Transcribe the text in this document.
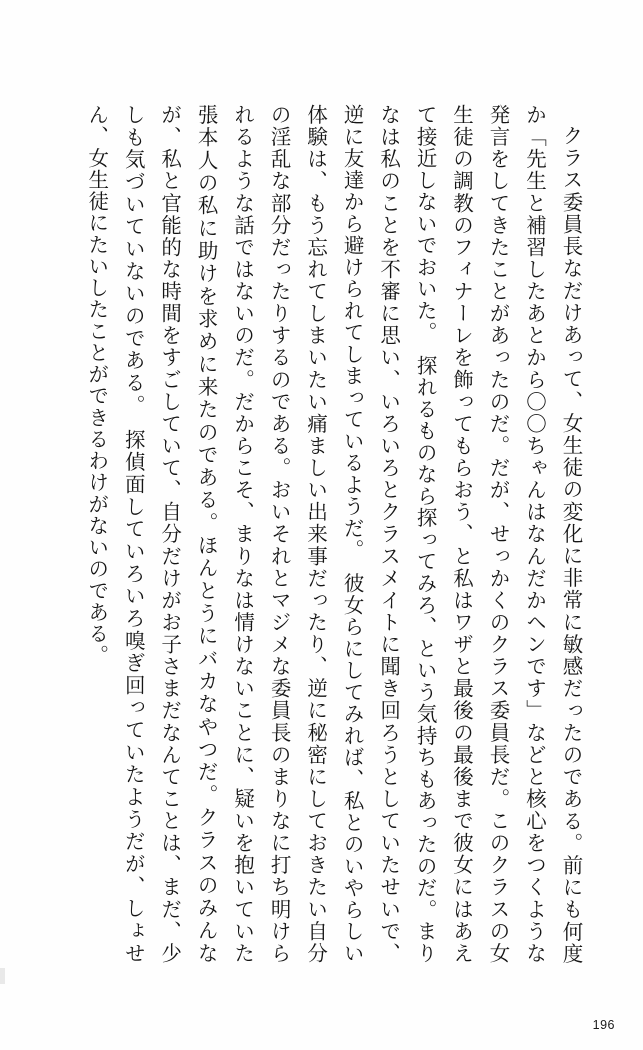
クラス委員長なだけあって、女生徒の変化に非常に敏感だったのである。前にも何度か「先生と補習したあとから〇〇ちゃんはなんだかヘンです」などと核心をつくような発言をしてきたことがあったのだ。だが、せっかくのクラス委員長だ。このクラスの女生徒の調教のフィナーレを飾ってもらおう、と私はワザと最後の最後まで彼女にはあえて接近しないでおいた。　探れるものなら探ってみろ、という気持ちもあったのだ。まりなは私のことを不審に思い、いろいろとクラスメイトに聞き回ろうとしていたせいで、逆に友達から避けられてしまっているようだ。　彼女らにしてみれば、私とのいやらしい体験は、もう忘れてしまいたい痛ましい出来事だったり、逆に秘密にしておきたい自分の淫乱な部分だったりするのである。おいそれとマジメな委員長のまりなに打ち明けられるような話ではないのだ。だからこそ、まりなは情けないことに、疑いを抱いていた張本人の私に助けを求めに来たのである。ほんとうにバカなやつだ。クラスのみんなが、私と官能的な時間をすごしていて、自分だけがお子さまだなんてことは、まだ、少しも気づいていないのである。　探偵面していろいろ嗅ぎ回っていたようだが、しょせん、女生徒にたいしたことができるわけがないのである。

196
